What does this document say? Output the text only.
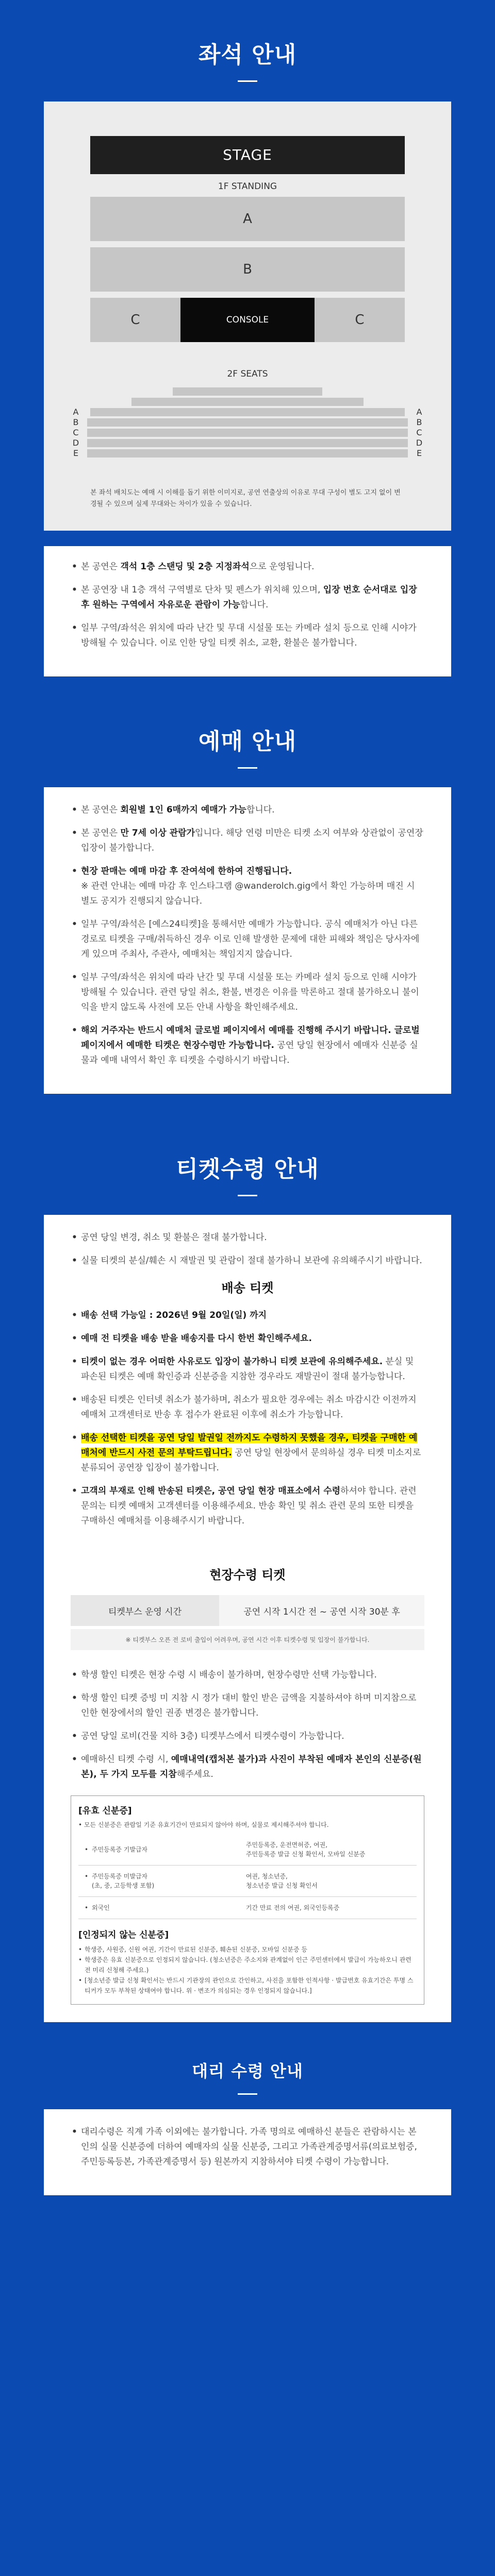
좌석 안내
STAGE
1F STANDING
A
B
C	CONSOLE	C
2F SEATS
A
B
C
D
E
A
B
C
D
E

본 좌석 배치도는 예매 시 이해를 돕기 위한 이미지로, 공연 연출상의 이유로 무대 구성이 별도 고지 없이 변경될 수 있으며 실제 무대와는 차이가 있을 수 있습니다.

• 본 공연은 객석 1층 스탠딩 및 2층 지정좌석으로 운영됩니다.
• 본 공연장 내 1층 객석 구역별로 단차 및 펜스가 위치해 있으며, 입장 번호 순서대로 입장 후 원하는 구역에서 자유로운 관람이 가능합니다.
• 일부 구역/좌석은 위치에 따라 난간 및 무대 시설물 또는 카메라 설치 등으로 인해 시야가 방해될 수 있습니다. 이로 인한 당일 티켓 취소, 교환, 환불은 불가합니다.
예매 안내
• 본 공연은 회원별 1인 6매까지 예매가 가능합니다.
• 본 공연은 만 7세 이상 관람가입니다. 해당 연령 미만은 티켓 소지 여부와 상관없이 공연장 입장이 불가합니다.
• 현장 판매는 예매 마감 후 잔여석에 한하여 진행됩니다.
※ 관련 안내는 예매 마감 후 인스타그램 @wanderolch.gig에서 확인 가능하며 매진 시 별도 공지가 진행되지 않습니다.
• 일부 구역/좌석은 [예스24티켓]을 통해서만 예매가 가능합니다. 공식 예매처가 아닌 다른 경로로 티켓을 구매/취득하신 경우 이로 인해 발생한 문제에 대한 피해와 책임은 당사자에게 있으며 주최사, 주관사, 예매처는 책임지지 않습니다.
• 일부 구역/좌석은 위치에 따라 난간 및 무대 시설물 또는 카메라 설치 등으로 인해 시야가 방해될 수 있습니다. 관련 당일 취소, 환불, 변경은 이유를 막론하고 절대 불가하오니 불이익을 받지 않도록 사전에 모든 안내 사항을 확인해주세요.
• 해외 거주자는 반드시 예매처 글로벌 페이지에서 예매를 진행해 주시기 바랍니다. 글로벌 페이지에서 예매한 티켓은 현장수령만 가능합니다. 공연 당일 현장에서 예매자 신분증 실물과 예매 내역서 확인 후 티켓을 수령하시기 바랍니다.
티켓수령 안내
• 공연 당일 변경, 취소 및 환불은 절대 불가합니다.
• 실물 티켓의 분실/훼손 시 재발권 및 관람이 절대 불가하니 보관에 유의해주시기 바랍니다.
배송 티켓
• 배송 선택 가능일 : 2026년 9월 20일(일) 까지
• 예매 전 티켓을 배송 받을 배송지를 다시 한번 확인해주세요.
• 티켓이 없는 경우 어떠한 사유로도 입장이 불가하니 티켓 보관에 유의해주세요. 분실 및 파손된 티켓은 예매 확인증과 신분증을 지참한 경우라도 재발권이 절대 불가능합니다.
• 배송된 티켓은 인터넷 취소가 불가하며, 취소가 필요한 경우에는 취소 마감시간 이전까지 예매처 고객센터로 반송 후 접수가 완료된 이후에 취소가 가능합니다.
• 배송 선택한 티켓을 공연 당일 발권일 전까지도 수령하지 못했을 경우, 티켓을 구매한 예매처에 반드시 사전 문의 부탁드립니다. 공연 당일 현장에서 문의하실 경우 티켓 미소지로 분류되어 공연장 입장이 불가합니다.
• 고객의 부재로 인해 반송된 티켓은, 공연 당일 현장 매표소에서 수령하셔야 합니다. 관련 문의는 티켓 예매처 고객센터를 이용해주세요. 반송 확인 및 취소 관련 문의 또한 티켓을 구매하신 예매처를 이용해주시기 바랍니다.
현장수령 티켓
티켓부스 운영 시간	공연 시작 1시간 전 ~ 공연 시작 30분 후
※ 티켓부스 오픈 전 로비 출입이 어려우며, 공연 시간 이후 티켓수령 및 입장이 불가합니다.
• 학생 할인 티켓은 현장 수령 시 배송이 불가하며, 현장수령만 선택 가능합니다.
• 학생 할인 티켓 증빙 미 지참 시 정가 대비 할인 받은 금액을 지불하셔야 하며 미지참으로 인한 현장에서의 할인 권종 변경은 불가합니다.
• 공연 당일 로비(건물 지하 3층) 티켓부스에서 티켓수령이 가능합니다.
• 예매하신 티켓 수령 시, 예매내역(캡처본 불가)과 사진이 부착된 예매자 본인의 신분증(원본), 두 가지 모두를 지참해주세요.
[유효 신분증]
• 모든 신분증은 관람일 기준 유효기간이 만료되지 않아야 하며, 실물로 제시해주셔야 합니다.
• 주민등록증 기발급자	주민등록증, 운전면허증, 여권,
주민등록증 발급 신청 확인서, 모바일 신분증
• 주민등록증 미발급자
(초, 중, 고등학생 포함)	여권, 청소년증,
청소년증 발급 신청 확인서
• 외국인	기간 만료 전의 여권, 외국인등록증
[인정되지 않는 신분증]
• 학생증, 사원증, 신원 여권, 기간이 만료된 신분증, 훼손된 신분증, 모바일 신분증 등
• 학생증은 유효 신분증으로 인정되지 않습니다. (청소년증은 주소지와 관계없이 인근 주민센터에서 발급이 가능하오니 관련 전 미리 신청해 주세요.)
• [청소년증 발급 신청 확인서는 반드시 기관장의 관인으로 간인하고, 사진을 포함한 인적사항 · 발급번호 유효기간은 투명 스티커가 모두 부착된 상태여야 합니다. 위 · 변조가 의심되는 경우 인정되지 않습니다.]
대리 수령 안내
• 대리수령은 직계 가족 이외에는 불가합니다. 가족 명의로 예매하신 분들은 관람하시는 본인의 실물 신분증에 더하여 예매자의 실물 신분증, 그리고 가족관계증명서류(의료보험증, 주민등록등본, 가족관계증명서 등) 원본까지 지참하셔야 티켓 수령이 가능합니다.
